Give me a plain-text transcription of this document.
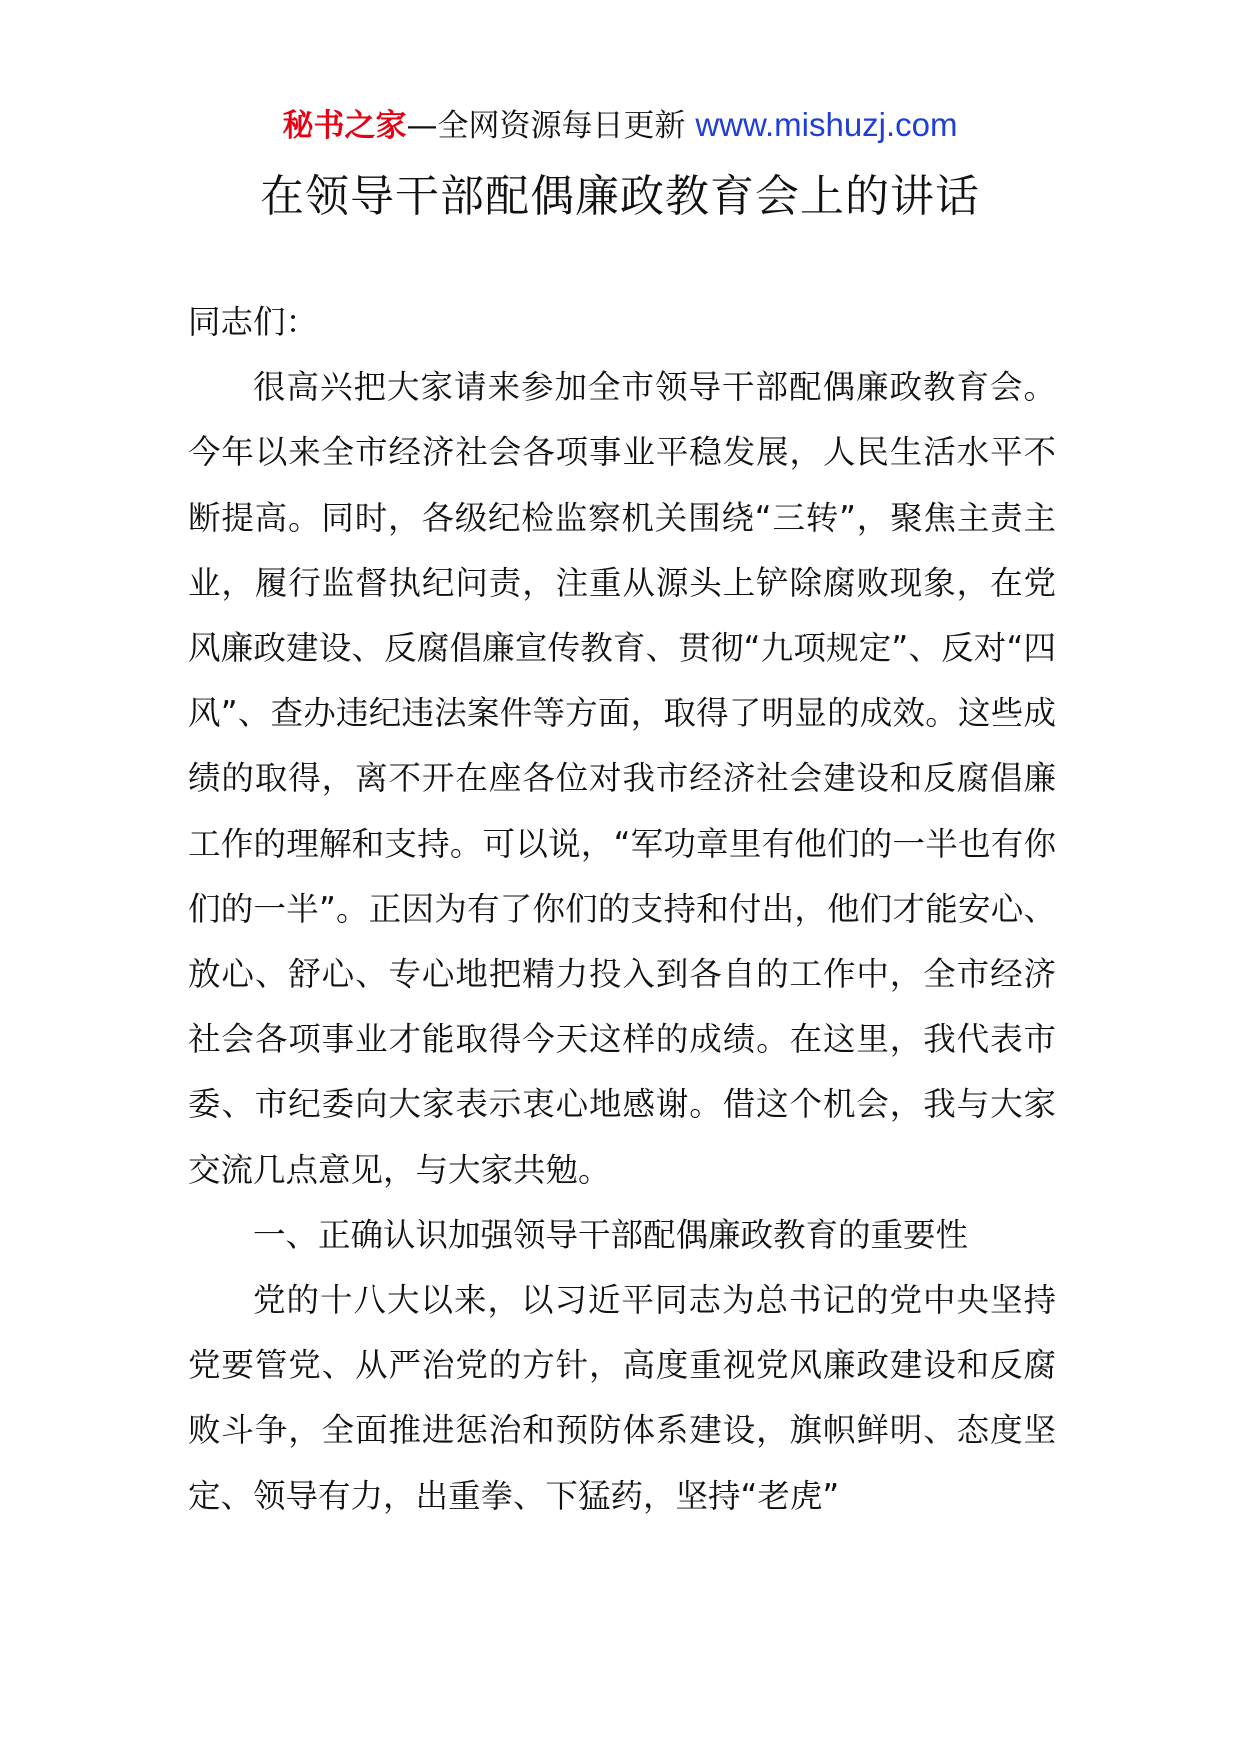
秘书之家—全网资源每日更新 www.mishuzj.com
在领导干部配偶廉政教育会上的讲话

同志们：

很高兴把大家请来参加全市领导干部配偶廉政教育会。今年以来全市经济社会各项事业平稳发展，人民生活水平不断提高。同时，各级纪检监察机关围绕“三转”，聚焦主责主业，履行监督执纪问责，注重从源头上铲除腐败现象，在党风廉政建设、反腐倡廉宣传教育、贯彻“九项规定”、反对“四风”、查办违纪违法案件等方面，取得了明显的成效。这些成绩的取得，离不开在座各位对我市经济社会建设和反腐倡廉工作的理解和支持。可以说，“军功章里有他们的一半也有你们的一半”。正因为有了你们的支持和付出，他们才能安心、放心、舒心、专心地把精力投入到各自的工作中，全市经济社会各项事业才能取得今天这样的成绩。在这里，我代表市委、市纪委向大家表示衷心地感谢。借这个机会，我与大家交流几点意见，与大家共勉。

一、正确认识加强领导干部配偶廉政教育的重要性

党的十八大以来，以习近平同志为总书记的党中央坚持党要管党、从严治党的方针，高度重视党风廉政建设和反腐败斗争，全面推进惩治和预防体系建设，旗帜鲜明、态度坚定、领导有力，出重拳、下猛药，坚持“老虎”
